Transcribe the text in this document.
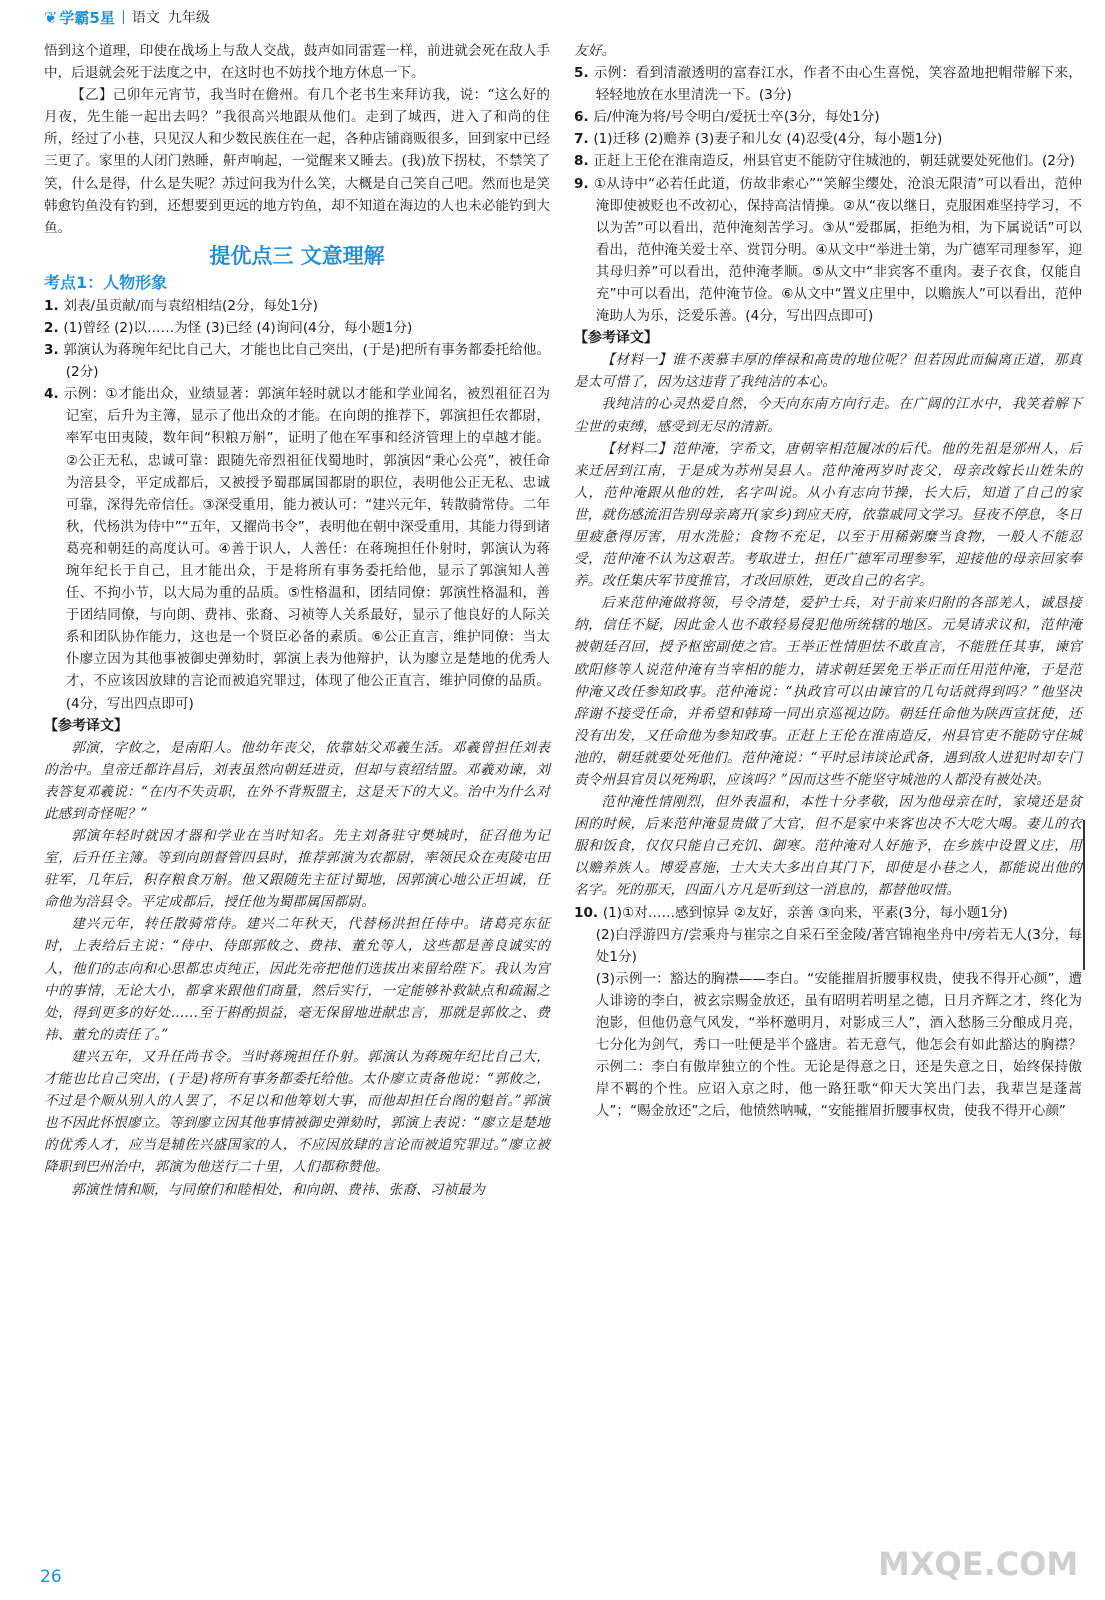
❦ 学霸5星 语文 九年级

悟到这个道理，印使在战场上与敌人交战，鼓声如同雷霆一样，前进就会死在敌人手中，后退就会死于法度之中，在这时也不妨找个地方休息一下。

【乙】己卯年元宵节，我当时在儋州。有几个老书生来拜访我，说：“这么好的月夜，先生能一起出去吗？”我很高兴地跟从他们。走到了城西，进入了和尚的住所，经过了小巷，只见汉人和少数民族住在一起，各种店铺商贩很多，回到家中已经三更了。家里的人闭门熟睡，鼾声响起，一觉醒来又睡去。(我)放下拐杖，不禁笑了笑，什么是得，什么是失呢？苏过问我为什么笑，大概是自己笑自己吧。然而也是笑韩愈钓鱼没有钓到，还想要到更远的地方钓鱼，却不知道在海边的人也未必能钓到大鱼。

提优点三 文意理解
考点1：人物形象

1. 刘表/虽贡献/而与袁绍相结(2分，每处1分)

2. (1)曾经 (2)以……为怪 (3)已经 (4)询问(4分，每小题1分)

3. 郭演认为蒋琬年纪比自己大，才能也比自己突出，(于是)把所有事务都委托给他。(2分)

4. 示例：①才能出众，业绩显著：郭演年轻时就以才能和学业闻名，被烈祖征召为记室，后升为主簿，显示了他出众的才能。在向朗的推荐下，郭演担任农都尉，率军屯田夷陵，数年间“积粮万斛”，证明了他在军事和经济管理上的卓越才能。②公正无私，忠诚可靠：跟随先帝烈祖征伐蜀地时，郭演因“秉心公亮”，被任命为涪县令，平定成都后，又被授予蜀郡属国都尉的职位，表明他公正无私、忠诚可靠，深得先帝信任。③深受重用，能力被认可：“建兴元年，转散骑常侍。二年秋，代杨洪为侍中”“五年，又擢尚书令”，表明他在朝中深受重用，其能力得到诸葛亮和朝廷的高度认可。④善于识人，人善任：在蒋琬担任仆射时，郭演认为蒋琬年纪长于自己，且才能出众，于是将所有事务委托给他，显示了郭演知人善任、不拘小节，以大局为重的品质。⑤性格温和，团结同僚：郭演性格温和，善于团结同僚，与向朗、费祎、张裔、习祯等人关系最好，显示了他良好的人际关系和团队协作能力，这也是一个贤臣必备的素质。⑥公正直言，维护同僚：当太仆廖立因为其他事被御史弹劾时，郭演上表为他辩护，认为廖立是楚地的优秀人才，不应该因放肆的言论而被追究罪过，体现了他公正直言，维护同僚的品质。(4分，写出四点即可)

【参考译文】

郭演，字攸之，是南阳人。他幼年丧父，依靠姑父邓羲生活。邓羲曾担任刘表的治中。皇帝迁都许昌后，刘表虽然向朝廷进贡，但却与袁绍结盟。邓羲劝谏，刘表答复邓羲说：“在内不失贡职，在外不背叛盟主，这是天下的大义。治中为什么对此感到奇怪呢？”

郭演年轻时就因才器和学业在当时知名。先主刘备驻守樊城时，征召他为记室，后升任主簿。等到向朗督管四县时，推荐郭演为农都尉，率领民众在夷陵屯田驻军，几年后，积存粮食万斛。他又跟随先主征讨蜀地，因郭演心地公正坦诚，任命他为涪县令。平定成都后，授任他为蜀郡属国都尉。

建兴元年，转任散骑常侍。建兴二年秋天，代替杨洪担任侍中。诸葛亮东征时，上表给后主说：“侍中、侍郎郭攸之、费祎、董允等人，这些都是善良诚实的人，他们的志向和心思都忠贞纯正，因此先帝把他们选拔出来留给陛下。我认为宫中的事情，无论大小，都拿来跟他们商量，然后实行，一定能够补救缺点和疏漏之处，得到更多的好处……至于斟酌损益，毫无保留地进献忠言，那就是郭攸之、费祎、董允的责任了。”

建兴五年，又升任尚书令。当时蒋琬担任仆射。郭演认为蒋琬年纪比自己大，才能也比自己突出，(于是)将所有事务都委托给他。太仆廖立责备他说：“郭攸之，不过是个顺从别人的人罢了，不足以和他筹划大事，而他却担任台阁的魁首。”郭演也不因此怀恨廖立。等到廖立因其他事情被御史弹劾时，郭演上表说：“廖立是楚地的优秀人才，应当是辅佐兴盛国家的人，不应因放肆的言论而被追究罪过。”廖立被降职到巴州治中，郭演为他送行二十里，人们都称赞他。

郭演性情和顺，与同僚们和睦相处，和向朗、费祎、张裔、习祯最为

友好。

5. 示例：看到清澈透明的富春江水，作者不由心生喜悦，笑容盈地把帽带解下来，轻轻地放在水里清洗一下。(3分)

6. 后/仲淹为将/号令明白/爱抚士卒(3分，每处1分)

7. (1)迁移 (2)赡养 (3)妻子和儿女 (4)忍受(4分，每小题1分)

8. 正赶上王伦在淮南造反，州县官吏不能防守住城池的，朝廷就要处死他们。(2分)

9. ①从诗中“必若任此道，仿故非索心”“笑解尘缨处，沧浪无限清”可以看出，范仲淹即使被贬也不改初心，保持高洁情操。②从“夜以继日，克服困难坚持学习，不以为苦”可以看出，范仲淹刻苦学习。③从“爱郡属，拒绝为相，为下属说话”可以看出，范仲淹关爱士卒、赏罚分明。④从文中“举进士第，为广德军司理参军，迎其母归养”可以看出，范仲淹孝顺。⑤从文中“非宾客不重肉。妻子衣食，仅能自充”中可以看出，范仲淹节俭。⑥从文中“置义庄里中，以赡族人”可以看出，范仲淹助人为乐，泛爱乐善。(4分，写出四点即可)

【参考译文】

【材料一】谁不羡慕丰厚的俸禄和高贵的地位呢？但若因此而偏离正道，那真是太可惜了，因为这违背了我纯洁的本心。

我纯洁的心灵热爱自然，今天向东南方向行走。在广阔的江水中，我笑着解下尘世的束缚，感受到无尽的清新。

【材料二】范仲淹，字希文，唐朝宰相范履冰的后代。他的先祖是邠州人，后来迁居到江南，于是成为苏州吴县人。范仲淹两岁时丧父，母亲改嫁长山姓朱的人，范仲淹跟从他的姓，名字叫说。从小有志向节操，长大后，知道了自己的家世，就伤感流泪告别母亲离开(家乡)到应天府，依靠戚同文学习。昼夜不停息，冬日里疲惫得厉害，用水洗脸；食物不充足，以至于用稀粥糜当食物，一般人不能忍受，范仲淹不认为这艰苦。考取进士，担任广德军司理参军，迎接他的母亲回家奉养。改任集庆军节度推官，才改回原姓，更改自己的名字。

后来范仲淹做将领，号令清楚，爱护士兵，对于前来归附的各部羌人，诚恳接纳，信任不疑，因此金人也不敢轻易侵犯他所统辖的地区。元昊请求议和，范仲淹被朝廷召回，授予枢密副使之官。王举正性情胆怯不敢直言，不能胜任其事，谏官欧阳修等人说范仲淹有当宰相的能力，请求朝廷罢免王举正而任用范仲淹，于是范仲淹又改任参知政事。范仲淹说：“执政官可以由谏官的几句话就得到吗？”他坚决辞谢不接受任命，并希望和韩琦一同出京巡视边防。朝廷任命他为陕西宣抚使，还没有出发，又任命他为参知政事。正赶上王伦在淮南造反，州县官吏不能防守住城池的，朝廷就要处死他们。范仲淹说：“平时忌讳谈论武备，遇到敌人进犯时却专门责令州县官员以死殉职，应该吗？”因而这些不能坚守城池的人都没有被处决。

范仲淹性情刚烈，但外表温和，本性十分孝敬，因为他母亲在时，家境还是贫困的时候，后来范仲淹显贵做了大官，但不是家中来客也决不大吃大喝。妻儿的衣服和饭食，仅仅只能自己充饥、御寒。范仲淹对人好施予，在乡族中设置义庄，用以赡养族人。博爱喜施，士大夫大多出自其门下，即使是小巷之人，都能说出他的名字。死的那天，四面八方凡是听到这一消息的，都替他叹惜。

10. (1)①对……感到惊异 ②友好，亲善 ③向来，平素(3分，每小题1分)

(2)白浮游四方/尝乘舟与崔宗之自采石至金陵/著宫锦袍坐舟中/旁若无人(3分，每处1分)

(3)示例一：豁达的胸襟——李白。“安能摧眉折腰事权贵，使我不得开心颜”，遭人诽谤的李白，被玄宗赐金放还，虽有昭明若明星之德，日月齐辉之才，终化为泡影，但他仍意气风发，“举杯邀明月，对影成三人”，酒入愁肠三分酿成月亮，七分化为剑气，秀口一吐便是半个盛唐。若无意气，他怎会有如此豁达的胸襟？ 示例二：李白有傲岸独立的个性。无论是得意之日，还是失意之日，始终保持傲岸不羁的个性。应诏入京之时，他一路狂歌“仰天大笑出门去，我辈岂是蓬蒿人”；“赐金放还”之后，他愤然呐喊，“安能摧眉折腰事权贵，使我不得开心颜”

26	MXQE.COM
